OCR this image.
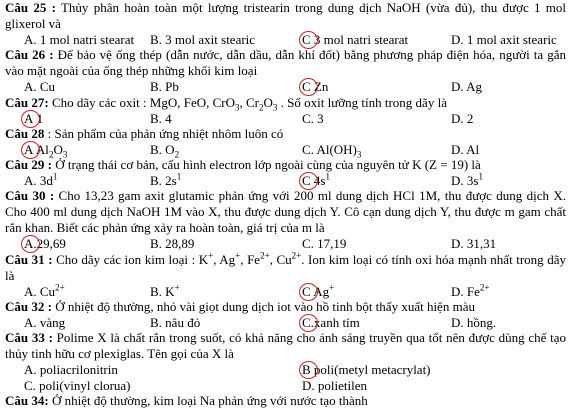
Câu 25 : Thủy phân hoàn toàn một lượng tristearin trong dung dịch NaOH (vừa đủ), thu được 1 mol glixerol và
A. 1 mol natri stearat B. 3 mol axit stearic	C 3 mol natri stearat	D. 1 mol axit stearic
Câu 26 : Để bảo vệ ống thép (dẫn nước, dẫn dầu, dẫn khí đốt) bằng phương pháp điện hóa, người ta gắn vào mặt ngoài của ống thép những khối kim loại
A. Cu	B. Pb	C Zn	D. Ag
Câu 27: Cho dãy các oxit : MgO, FeO, CrO$_3$, $Cr_2O_3$ . Số oxit lưỡng tính trong dãy là
A 1	B. 4	C. 3	D. 2
Câu 28 : Sản phẩm của phản ứng nhiệt nhôm luôn có
A $Al_2O_3$	B. $O_2$	C. $Al(OH)_3$	D. Al
Câu 29 : Ở trạng thái cơ bản, cấu hình electron lớp ngoài cùng của nguyên tử K (Z = 19) là
A. $3d^1$	B. $2s^1$	C $4s^1$	D. $3s^1$
Câu 30 : Cho 13,23 gam axit glutamic phản ứng với 200 ml dung dịch HCl 1M, thu được dung dịch X. Cho 400 ml dung dịch NaOH 1M vào X, thu được dung dịch Y. Cô cạn dung dịch Y, thu được m gam chất rắn khan. Biết các phản ứng xảy ra hoàn toàn, giá trị của m là
A.29,69	B. 28,89	C. 17,19	D. 31,31
Câu 31 : Cho dãy các ion kim loại : K+, Ag+, $Fe^{2+}$, $Cu^{2+}$. Ion kim loại có tính oxi hóa mạnh nhất trong dãy là
A. $Cu^{2+}$	B. K+	C Ag+	D. $Fe^{2+}$
Câu 32 : Ở nhiệt độ thường, nhỏ vài giọt dung dịch iot vào hồ tinh bột thấy xuất hiện màu
A. vàng	B. nâu đỏ	C.xanh tím	D. hồng.
Câu 33 : Polime X là chất rắn trong suốt, có khả năng cho ánh sáng truyền qua tốt nên được dùng chế tạo thủy tinh hữu cơ plexiglas. Tên gọi của X là
A. poliacrilonitrin	B poli(metyl metacrylat)
C. poli(vinyl clorua)	D. polietilen
Câu 34: Ở nhiệt độ thường, kim loại Na phản ứng với nước tạo thành
